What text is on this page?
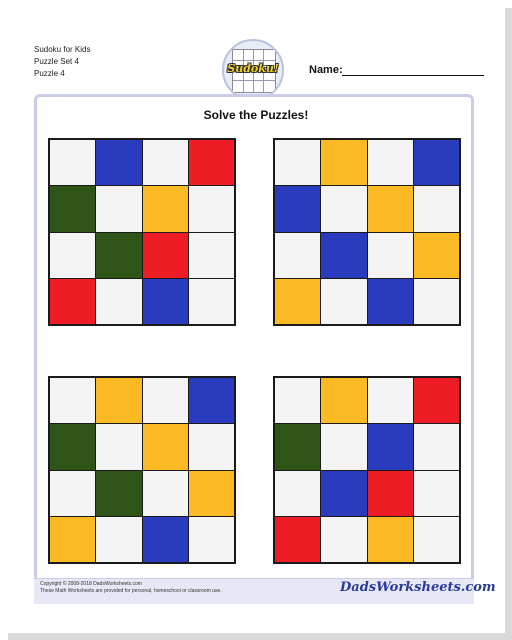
Sudoku for Kids
Puzzle Set 4
Puzzle 4	Sudoku!	Name:
Solve the Puzzles!
Copyright © 2008-2018 DadsWorksheets.com
These Math Worksheets are provided for personal, homeschool or classroom use.	DadsWorksheets.com
